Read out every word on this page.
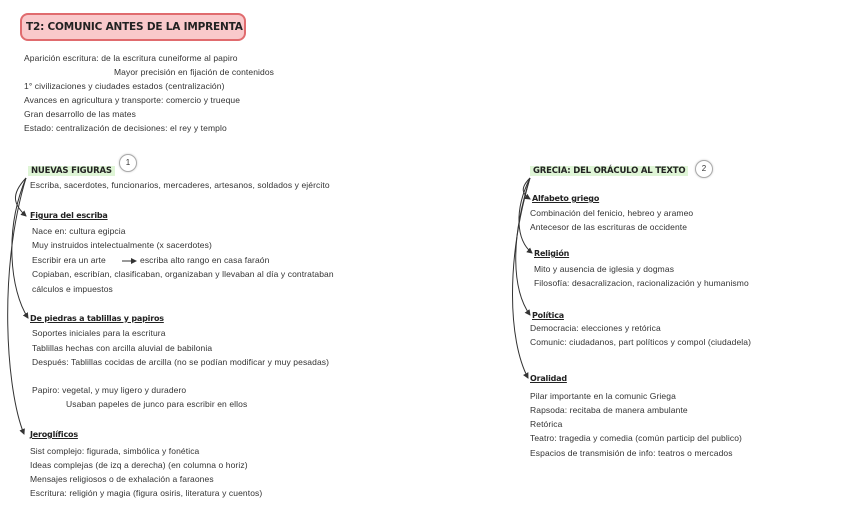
T2: COMUNIC ANTES DE LA IMPRENTA
Aparición escritura: de la escritura cuneiforme al papiro
Mayor precisión en fijación de contenidos
1° civilizaciones y ciudades estados (centralización)
Avances en agricultura y transporte: comercio y trueque
Gran desarrollo de las mates
Estado: centralización de decisiones: el rey y templo
NUEVAS FIGURAS
1
Escriba, sacerdotes, funcionarios, mercaderes, artesanos, soldados y ejército
Figura del escriba
Nace en: cultura egipcia
Muy instruidos intelectualmente (x sacerdotes)
Escribir era un arte	escriba alto rango en casa faraón
Copiaban, escribían, clasificaban, organizaban y llevaban al día y contrataban
cálculos e impuestos
De piedras a tablillas y papiros
Soportes iniciales para la escritura
Tablillas hechas con arcilla aluvial de babilonia
Después: Tablillas cocidas de arcilla (no se podían modificar y muy pesadas)
Papiro: vegetal, y muy ligero y duradero
Usaban papeles de junco para escribir en ellos
Jeroglíficos
Sist complejo: figurada, simbólica y fonética
Ideas complejas (de izq a derecha) (en columna o horiz)
Mensajes religiosos o de exhalación a faraones
Escritura: religión y magia (figura osiris, literatura y cuentos)
GRECIA: DEL ORÁCULO AL TEXTO	2
Alfabeto griego
Combinación del fenicio, hebreo y arameo
Antecesor de las escrituras de occidente
Religión
Mito y ausencia de iglesia y dogmas
Filosofía: desacralizacion, racionalización y humanismo
Política
Democracia: elecciones y retórica
Comunic: ciudadanos, part políticos y compol (ciudadela)
Oralidad
Pilar importante en la comunic Griega
Rapsoda: recitaba de manera ambulante
Retórica
Teatro: tragedia y comedia (común particip del publico)
Espacios de transmisión de info: teatros o mercados
